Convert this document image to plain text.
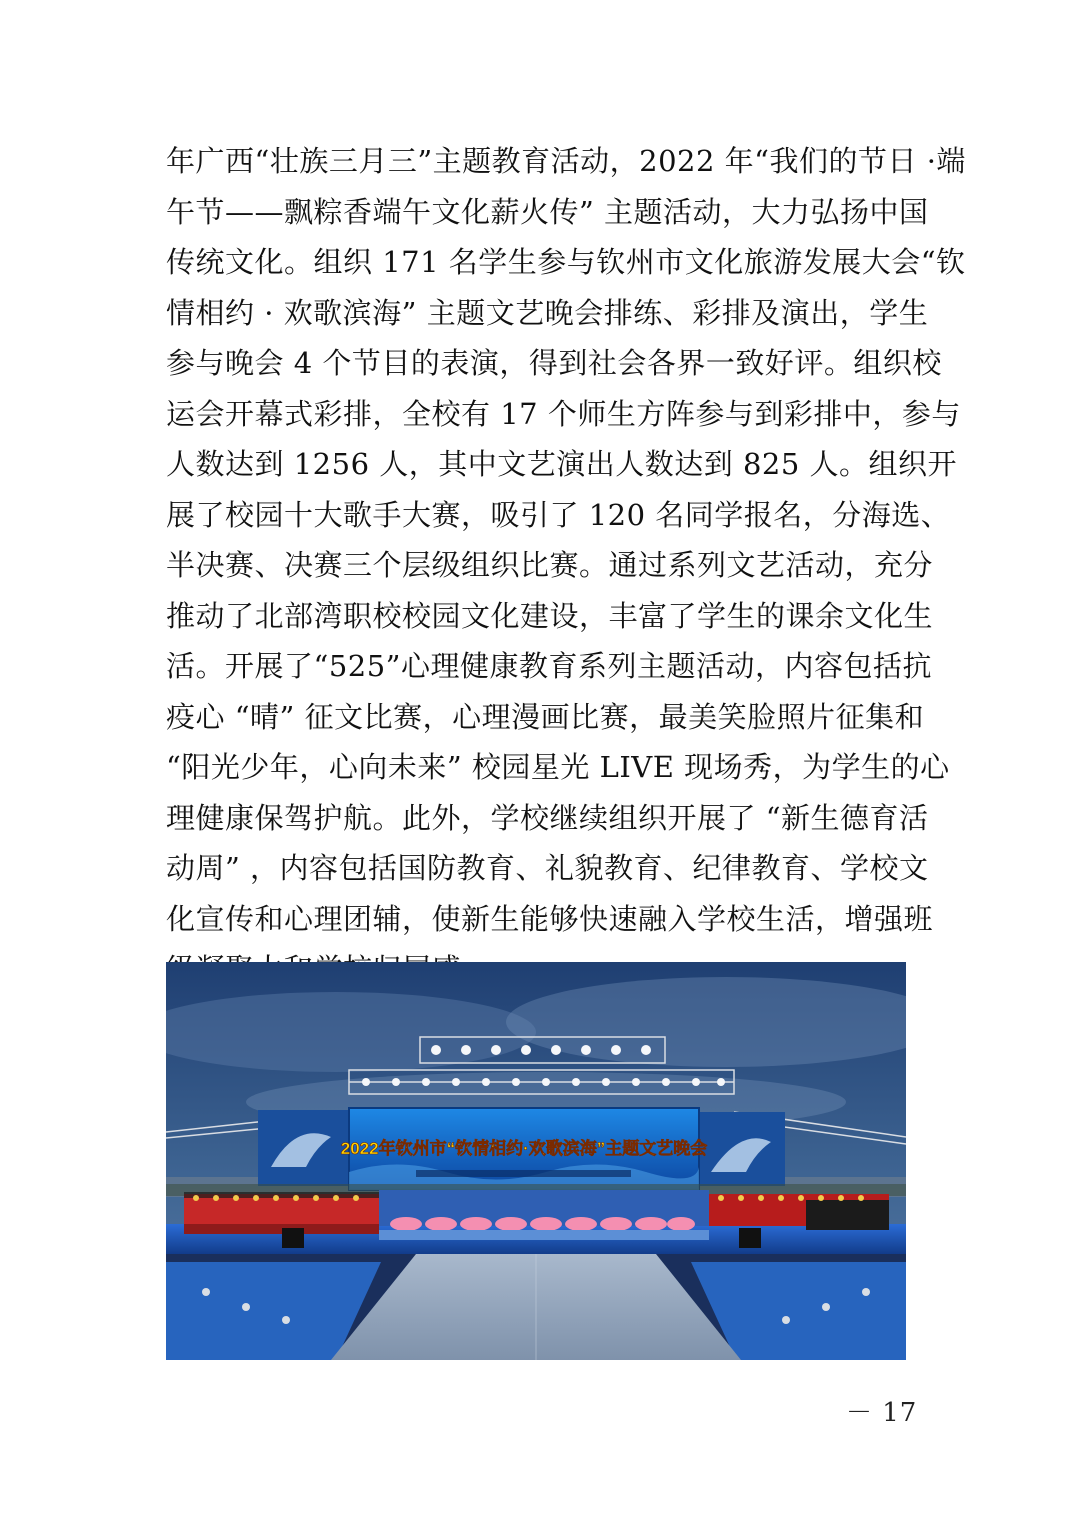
年广西“壮族三月三”主题教育活动，2022 年“我们的节日 ·端
午节——飘粽香端午文化薪火传” 主题活动，大力弘扬中国
传统文化。组织 171 名学生参与钦州市文化旅游发展大会“钦
情相约 · 欢歌滨海” 主题文艺晚会排练、彩排及演出，学生
参与晚会 4 个节目的表演，得到社会各界一致好评。组织校
运会开幕式彩排，全校有 17 个师生方阵参与到彩排中，参与
人数达到 1256 人，其中文艺演出人数达到 825 人。组织开
展了校园十大歌手大赛，吸引了 120 名同学报名，分海选、
半决赛、决赛三个层级组织比赛。通过系列文艺活动，充分
推动了北部湾职校校园文化建设，丰富了学生的课余文化生
活。开展了“525”心理健康教育系列主题活动，内容包括抗
疫心 “晴” 征文比赛，心理漫画比赛，最美笑脸照片征集和
“阳光少年，心向未来” 校园星光 LIVE 现场秀，为学生的心
理健康保驾护航。此外，学校继续组织开展了 “新生德育活
动周” ，内容包括国防教育、礼貌教育、纪律教育、学校文
化宣传和心理团辅，使新生能够快速融入学校生活，增强班
2022年钦州市“钦情相约·欢歌滨海”主题文艺晚会
－ 17
